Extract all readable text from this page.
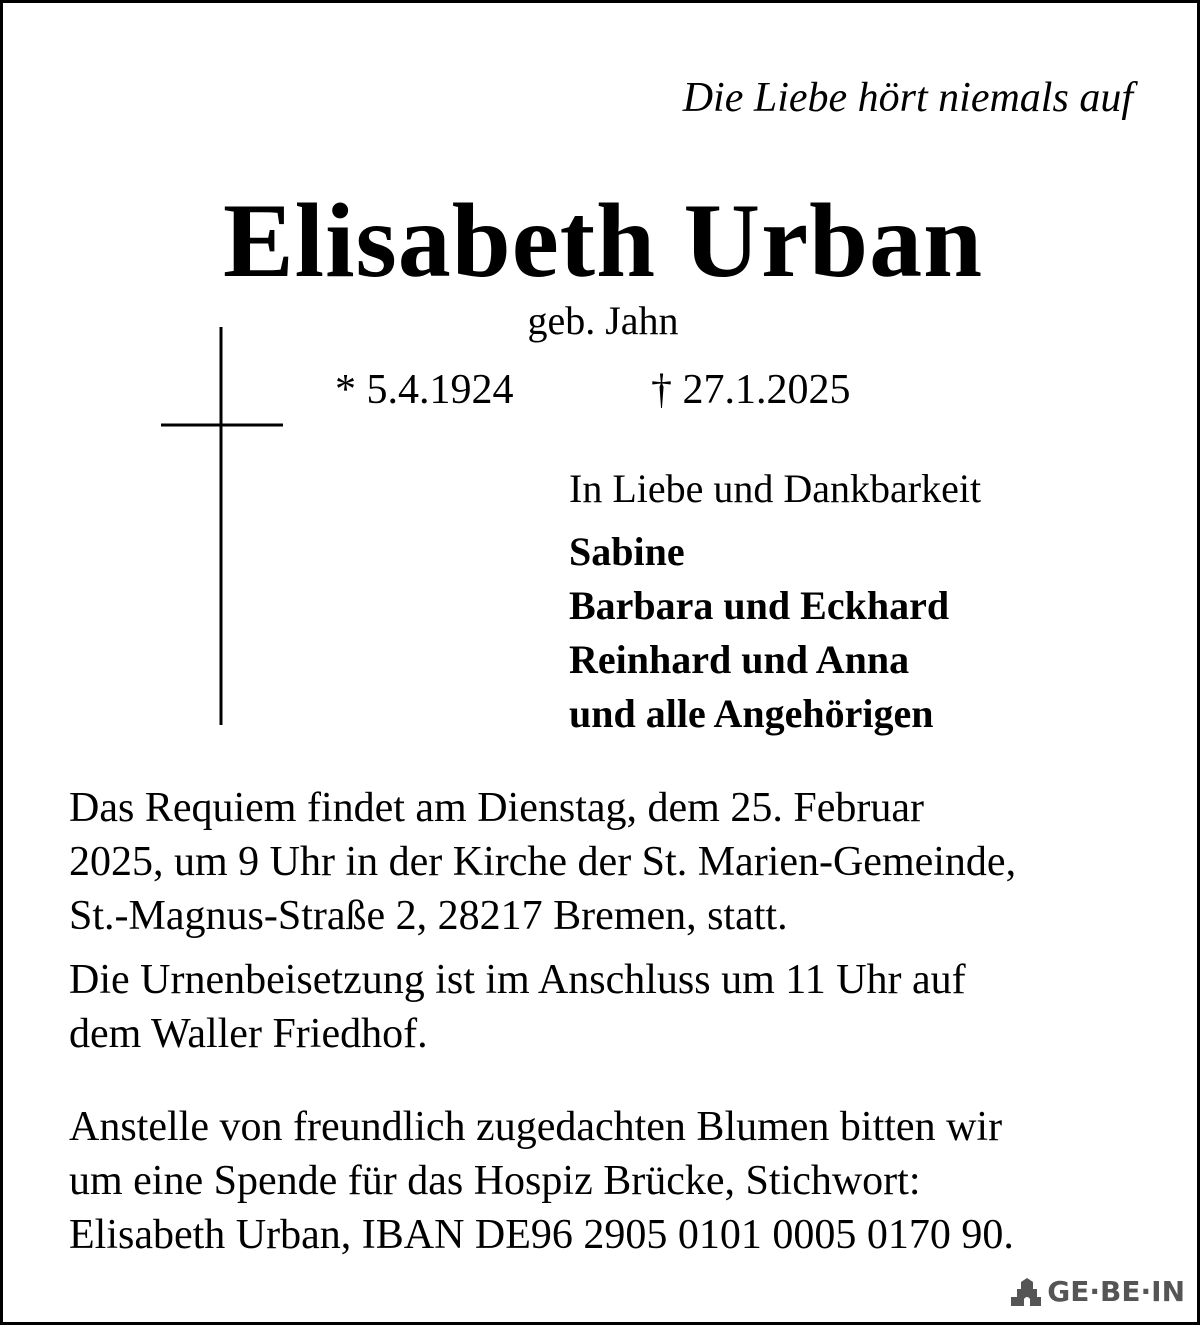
Die Liebe hört niemals auf
Elisabeth Urban
geb. Jahn
* 5.4.1924	† 27.1.2025
In Liebe und Dankbarkeit
Sabine
Barbara und Eckhard
Reinhard und Anna
und alle Angehörigen

Das Requiem findet am Dienstag, dem 25. Februar
2025, um 9 Uhr in der Kirche der St. Marien-Gemeinde,
St.-Magnus-Straße 2, 28217 Bremen, statt.

Die Urnenbeisetzung ist im Anschluss um 11 Uhr auf
dem Waller Friedhof.

Anstelle von freundlich zugedachten Blumen bitten wir
um eine Spende für das Hospiz Brücke, Stichwort:
Elisabeth Urban, IBAN DE96 2905 0101 0005 0170 90.

GE·BE·IN
